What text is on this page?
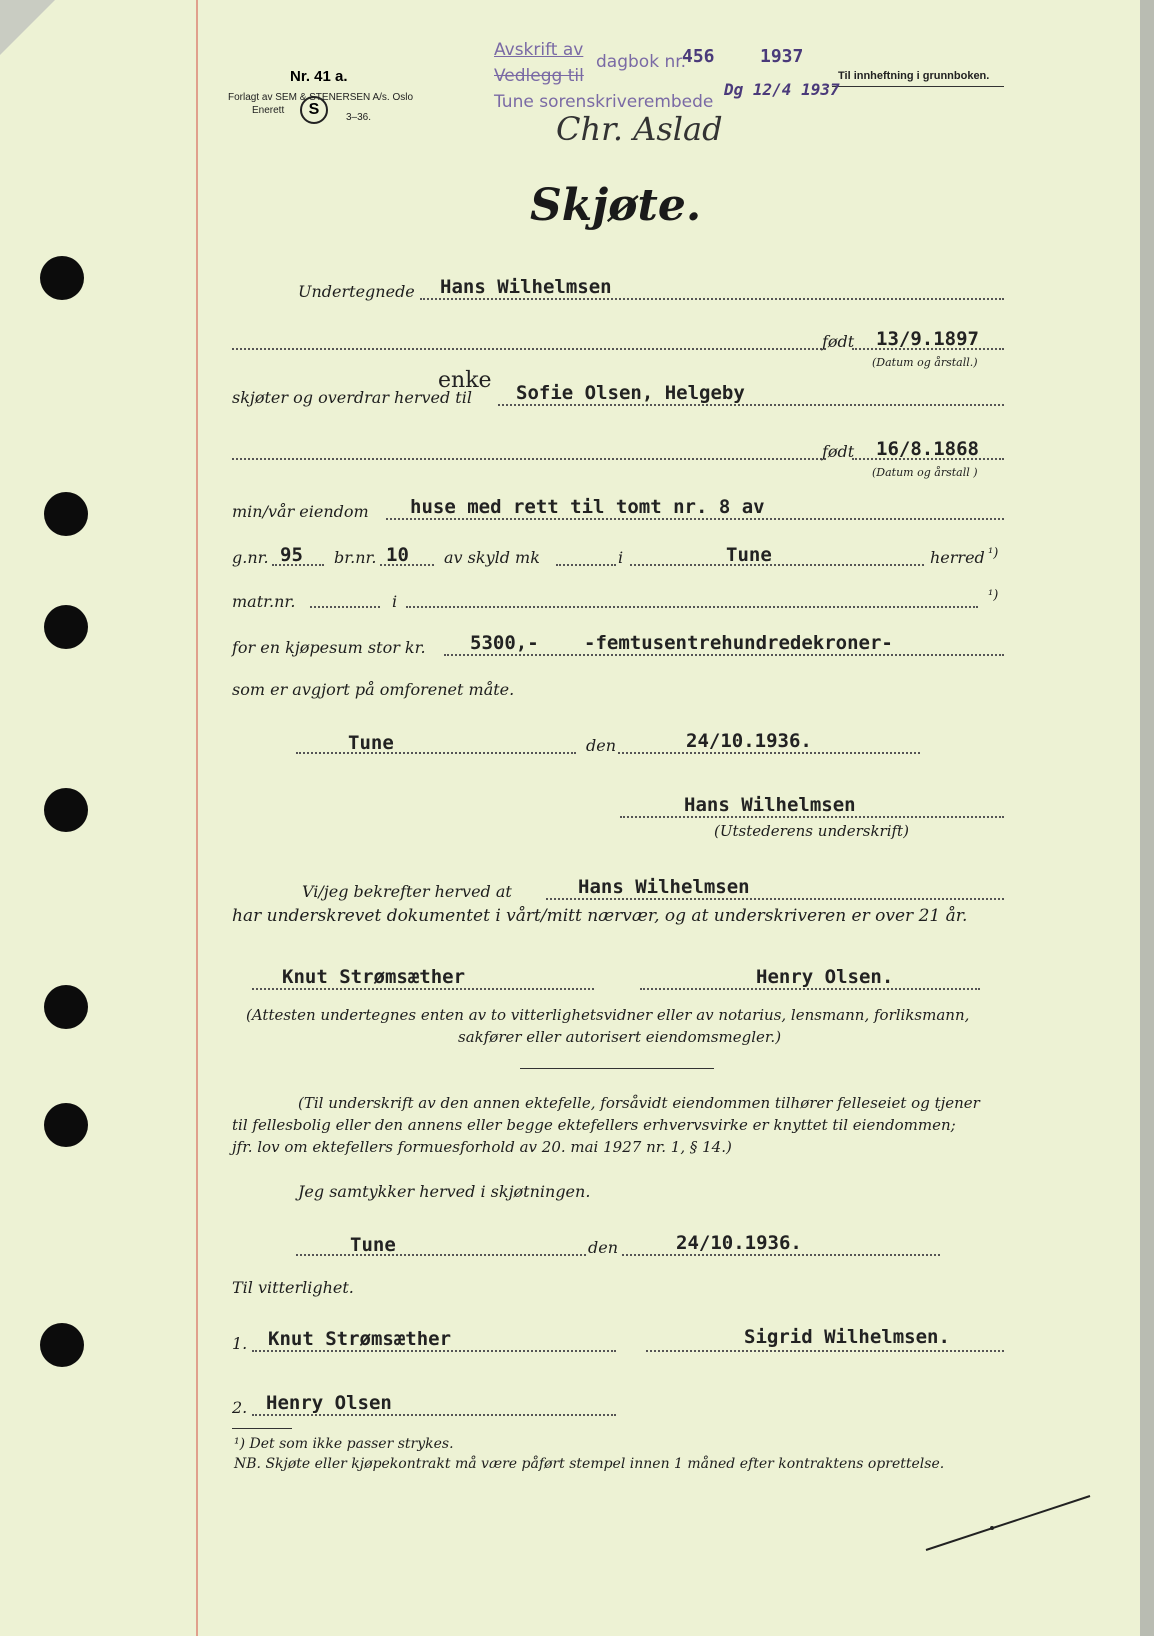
Nr. 41 a.
Forlagt av SEM & STENERSEN A/s. Oslo
Enerett	S	3–36.
Til innheftning i grunnboken.
Avskrift av
dagbok nr.
456	1937
Vedlegg til
Dg 12/4 1937
Tune sorenskriverembede
Chr. Aslad
Skjøte.
Undertegnede Hans Wilhelmsen
født 13/9.1897
(Datum og årstall.)
enke
skjøter og overdrar herved til Sofie Olsen, Helgeby
født 16/8.1868
(Datum og årstall )
min/vår eiendom huse med rett til tomt nr. 8 av
g.nr. 95 br.nr. 10 av skyld mk	i	Tune	herred ¹)
matr.nr.	i	¹)
for en kjøpesum stor kr. 5300,- -femtusentrehundredekroner-
som er avgjort på omforenet måte.
Tune	den	24/10.1936.
Hans Wilhelmsen
(Utstederens underskrift)
Vi/jeg bekrefter herved at	Hans Wilhelmsen
har underskrevet dokumentet i vårt/mitt nærvær, og at underskriveren er over 21 år.
Knut Strømsæther	Henry Olsen.
(Attesten undertegnes enten av to vitterlighetsvidner eller av notarius, lensmann, forliksmann,
sakfører eller autorisert eiendomsmegler.)
(Til underskrift av den annen ektefelle, forsåvidt eiendommen tilhører felleseiet og tjener
til fellesbolig eller den annens eller begge ektefellers erhvervsvirke er knyttet til eiendommen;
jfr. lov om ektefellers formuesforhold av 20. mai 1927 nr. 1, § 14.)
Jeg samtykker herved i skjøtningen.
Tune	den	24/10.1936.
Til vitterlighet.
1. Knut Strømsæther	Sigrid Wilhelmsen.
2. Henry Olsen
¹) Det som ikke passer strykes.
NB. Skjøte eller kjøpekontrakt må være påført stempel innen 1 måned efter kontraktens oprettelse.
